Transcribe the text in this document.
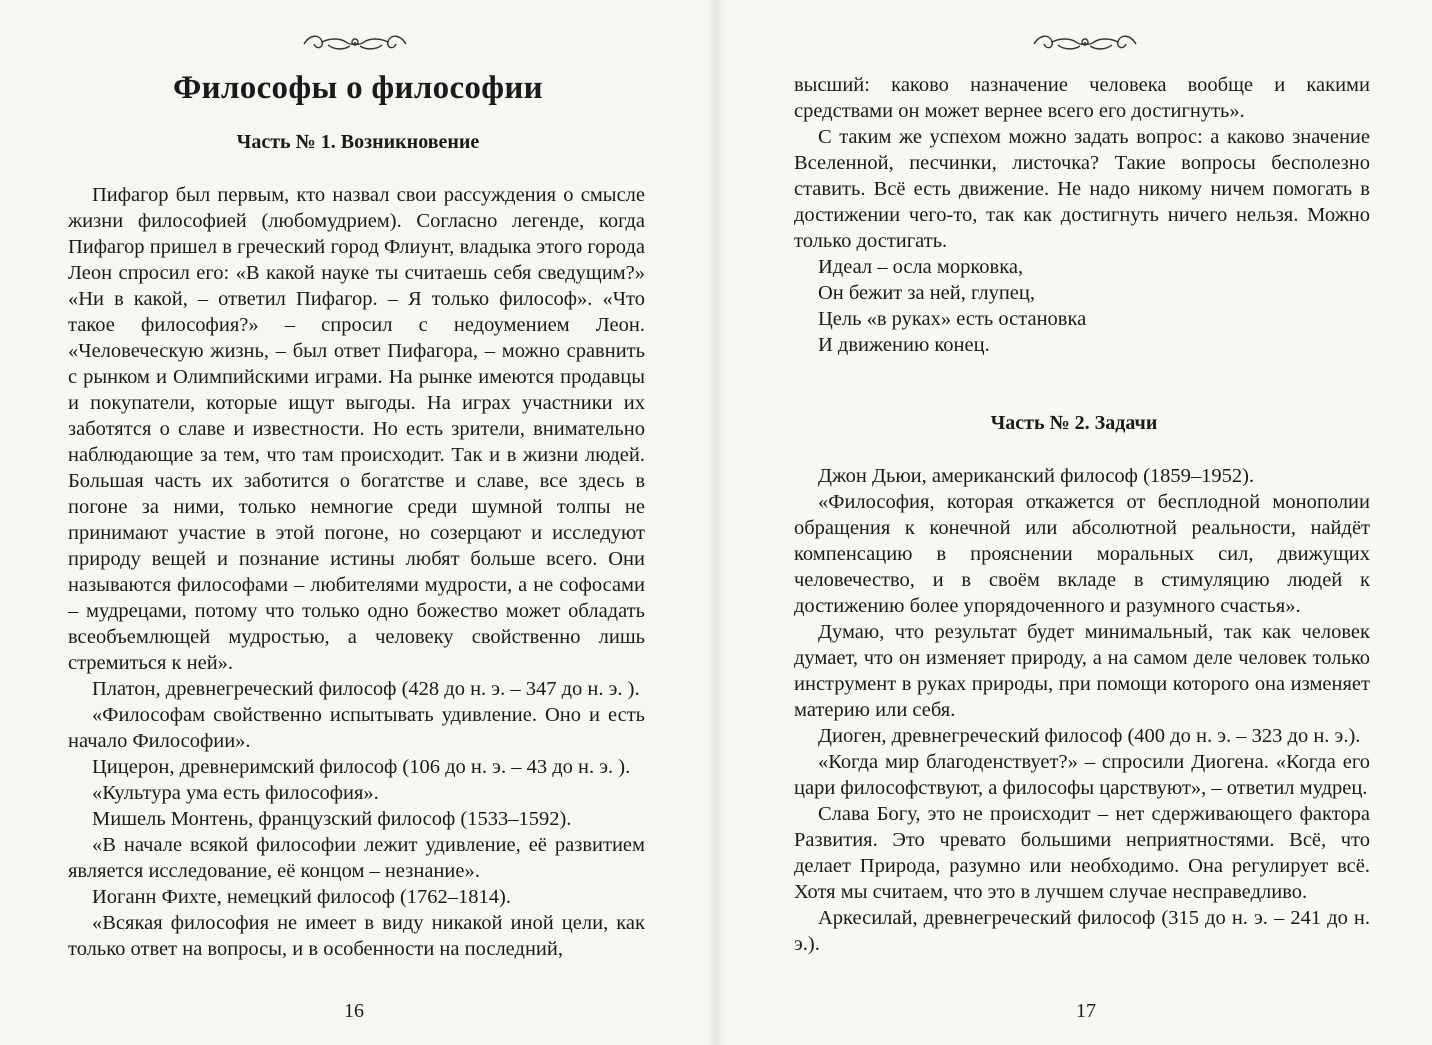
Философы о философии
Часть № 1. Возникновение

Пифагор был первым, кто назвал свои рассуждения о смысле жизни философией (любомудрием). Согласно легенде, когда Пифагор пришел в греческий город Флиунт, владыка этого города Леон спросил его: «В какой науке ты считаешь себя сведущим?» «Ни в какой, – ответил Пифагор. – Я только философ». «Что такое философия?» – спросил с недоумением Леон. «Человеческую жизнь, – был ответ Пифагора, – можно сравнить с рынком и Олимпийскими играми. На рынке имеются продавцы и покупатели, которые ищут выгоды. На играх участники их заботятся о славе и известности. Но есть зрители, внимательно наблюдающие за тем, что там происходит. Так и в жизни людей. Большая часть их заботится о богатстве и славе, все здесь в погоне за ними, только немногие среди шумной толпы не принимают участие в этой погоне, но созерцают и исследуют природу вещей и познание истины любят больше всего. Они называются философами – любителями мудрости, а не софосами – мудрецами, потому что только одно божество может обладать всеобъемлющей мудростью, а человеку свойственно лишь стремиться к ней».

Платон, древнегреческий философ (428 до н. э. – 347 до н. э. ).

«Философам свойственно испытывать удивление. Оно и есть начало Философии».

Цицерон, древнеримский философ (106 до н. э. – 43 до н. э. ).

«Культура ума есть философия».

Мишель Монтень, французский философ (1533–1592).

«В начале всякой философии лежит удивление, её развитием является исследование, её концом – незнание».

Иоганн Фихте, немецкий философ (1762–1814).

«Всякая философия не имеет в виду никакой иной цели, как только ответ на вопросы, и в особенности на последний,

16

высший: каково назначение человека вообще и какими средствами он может вернее всего его достигнуть».

С таким же успехом можно задать вопрос: а каково значение Вселенной, песчинки, листочка? Такие вопросы бесполезно ставить. Всё есть движение. Не надо никому ничем помогать в достижении чего-то, так как достигнуть ничего нельзя. Можно только достигать.

Идеал – осла морковка,

Он бежит за ней, глупец,

Цель «в руках» есть остановка

И движению конец.

Часть № 2. Задачи

Джон Дьюи, американский философ (1859–1952).

«Философия, которая откажется от бесплодной монополии обращения к конечной или абсолютной реальности, найдёт компенсацию в прояснении моральных сил, движущих человечество, и в своём вкладе в стимуляцию людей к достижению более упорядоченного и разумного счастья».

Думаю, что результат будет минимальный, так как человек думает, что он изменяет природу, а на самом деле человек только инструмент в руках природы, при помощи которого она изменяет материю или себя.

Диоген, древнегреческий философ (400 до н. э. – 323 до н. э.).

«Когда мир благоденствует?» – спросили Диогена. «Когда его цари философствуют, а философы царствуют», – ответил мудрец.

Слава Богу, это не происходит – нет сдерживающего фактора Развития. Это чревато большими неприятностями. Всё, что делает Природа, разумно или необходимо. Она регулирует всё. Хотя мы считаем, что это в лучшем случае несправедливо.

Аркесилай, древнегреческий философ (315 до н. э. – 241 до н. э.).

17
